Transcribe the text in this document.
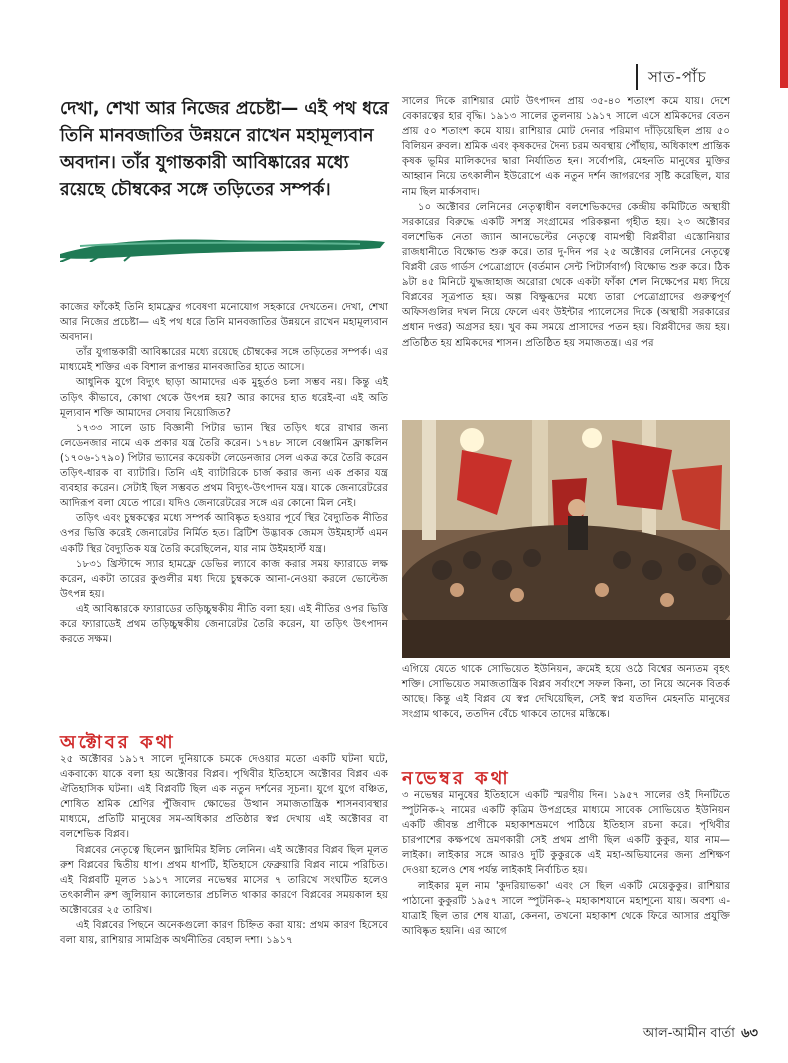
সাত-পাঁচ
দেখা, শেখা আর নিজের প্রচেষ্টা— এই পথ ধরে তিনি মানবজাতির উন্নয়নে রাখেন মহামূল্যবান অবদান। তাঁর যুগান্তকারী আবিষ্কারের মধ্যে রয়েছে চৌম্বকের সঙ্গে তড়িতের সম্পর্ক।

কাজের ফাঁকেই তিনি হামফ্রের গবেষণা মনোযোগ সহকারে দেখতেন। দেখা, শেখা আর নিজের প্রচেষ্টা— এই পথ ধরে তিনি মানবজাতির উন্নয়নে রাখেন মহামূল্যবান অবদান।

তাঁর যুগান্তকারী আবিষ্কারের মধ্যে রয়েছে চৌম্বকের সঙ্গে তড়িতের সম্পর্ক। এর মাধ্যমেই শক্তির এক বিশাল রূপান্তর মানবজাতির হাতে আসে।

আধুনিক যুগে বিদ্যুৎ ছাড়া আমাদের এক মুহূর্তও চলা সম্ভব নয়। কিন্তু এই তড়িৎ কীভাবে, কোথা থেকে উৎপন্ন হয়? আর কাদের হাত ধরেই-বা এই অতি মূল্যবান শক্তি আমাদের সেবায় নিয়োজিত?

১৭৩৩ সালে ডাচ বিজ্ঞানী পিটার ভ্যান স্থির তড়িৎ ধরে রাখার জন্য লেডেনজার নামে এক প্রকার যন্ত্র তৈরি করেন। ১৭৪৮ সালে বেঞ্জামিন ফ্রাঙ্কলিন (১৭০৬-১৭৯০) পিটার ভ্যানের কয়েকটা লেডেনজার সেল একত্র করে তৈরি করেন তড়িৎ-ধারক বা ব্যাটারি। তিনি এই ব্যাটারিকে চার্জ করার জন্য এক প্রকার যন্ত্র ব্যবহার করেন। সেটাই ছিল সম্ভবত প্রথম বিদ্যুৎ-উৎপাদন যন্ত্র। যাকে জেনারেটরের আদিরূপ বলা যেতে পারে। যদিও জেনারেটরের সঙ্গে এর কোনো মিল নেই।

তড়িৎ এবং চুম্বকত্বের মধ্যে সম্পর্ক আবিষ্কৃত হওয়ার পূর্বে স্থির বৈদ্যুতিক নীতির ওপর ভিত্তি করেই জেনারেটর নির্মিত হত। ব্রিটিশ উদ্ভাবক জেমস উইমহার্স্ট এমন একটি স্থির বৈদ্যুতিক যন্ত্র তৈরি করেছিলেন, যার নাম উইমহার্স্ট যন্ত্র।

১৮৩১ খ্রিস্টাব্দে স্যার হামফ্রে ডেভির ল্যাবে কাজ করার সময় ফ্যারাডে লক্ষ করেন, একটা তারের কুণ্ডলীর মধ্য দিয়ে চুম্বককে আনা-নেওয়া করলে ভোল্টেজ উৎপন্ন হয়।

এই আবিষ্কারকে ফ্যারাডের তড়িচ্চুম্বকীয় নীতি বলা হয়। এই নীতির ওপর ভিত্তি করে ফ্যারাডেই প্রথম তড়িচ্চুম্বকীয় জেনারেটর তৈরি করেন, যা তড়িৎ উৎপাদন করতে সক্ষম।

অক্টোবর কথা

২৫ অক্টোবর ১৯১৭ সালে দুনিয়াকে চমকে দেওয়ার মতো একটি ঘটনা ঘটে, একবাক্যে যাকে বলা হয় অক্টোবর বিপ্লব। পৃথিবীর ইতিহাসে অক্টোবর বিপ্লব এক ঐতিহাসিক ঘটনা। এই বিপ্লবটি ছিল এক নতুন দর্শনের সূচনা। যুগে যুগে বঞ্চিত, শোষিত শ্রমিক শ্রেণির পুঁজিবাদ ক্ষোভের উত্থান সমাজতান্ত্রিক শাসনব্যবস্থার মাধ্যমে, প্রতিটি মানুষের সম-অধিকার প্রতিষ্ঠার স্বপ্ন দেখায় এই অক্টোবর বা বলশেভিক বিপ্লব।

বিপ্লবের নেতৃত্বে ছিলেন ভ্লাদিমির ইলিচ লেনিন। এই অক্টোবর বিপ্লব ছিল মূলত রুশ বিপ্লবের দ্বিতীয় ধাপ। প্রথম ধাপটি, ইতিহাসে ফেব্রুয়ারি বিপ্লব নামে পরিচিত। এই বিপ্লবটি মূলত ১৯১৭ সালের নভেম্বর মাসের ৭ তারিখে সংঘটিত হলেও তৎকালীন রুশ জুলিয়ান ক্যালেন্ডার প্রচলিত থাকার কারণে বিপ্লবের সময়কাল হয় অক্টোবরের ২৫ তারিখ।

এই বিপ্লবের পিছনে অনেকগুলো কারণ চিহ্নিত করা যায়: প্রথম কারণ হিসেবে বলা যায়, রাশিয়ার সামগ্রিক অর্থনীতির বেহাল দশা। ১৯১৭

সালের দিকে রাশিয়ার মোট উৎপাদন প্রায় ৩৫-৪০ শতাংশ কমে যায়। দেশে বেকারত্বের হার বৃদ্ধি। ১৯১৩ সালের তুলনায় ১৯১৭ সালে এসে শ্রমিকদের বেতন প্রায় ৫০ শতাংশ কমে যায়। রাশিয়ার মোট দেনার পরিমাণ দাঁড়িয়েছিল প্রায় ৫০ বিলিয়ন রুবল। শ্রমিক এবং কৃষকদের দৈন্য চরম অবস্থায় পৌঁছায়, অধিকাংশ প্রান্তিক কৃষক ভূমির মালিকদের দ্বারা নির্যাতিত হন। সর্বোপরি, মেহনতি মানুষের মুক্তির আহ্বান নিয়ে তৎকালীন ইউরোপে এক নতুন দর্শন জাগরণের সৃষ্টি করেছিল, যার নাম ছিল মার্কসবাদ।

১০ অক্টোবর লেনিনের নেতৃত্বাধীন বলশেভিকদের কেন্দ্রীয় কমিটিতে অস্থায়ী সরকারের বিরুদ্ধে একটি সশস্ত্র সংগ্রামের পরিকল্পনা গৃহীত হয়। ২৩ অক্টোবর বলশেভিক নেতা জ্যান আনভেল্টের নেতৃত্বে বামপন্থী বিপ্লবীরা এস্তোনিয়ার রাজধানীতে বিক্ষোভ শুরু করে। তার দু-দিন পর ২৫ অক্টোবর লেনিনের নেতৃত্বে বিপ্লবী রেড গার্ডস পেত্রোগ্রাদে (বর্তমান সেন্ট পিটার্সবার্গ) বিক্ষোভ শুরু করে। ঠিক ৯টা ৪৫ মিনিটে যুদ্ধজাহাজ অরোরা থেকে একটা ফাঁকা শেল নিক্ষেপের মধ্য দিয়ে বিপ্লবের সূত্রপাত হয়। অল্প বিক্ষুব্ধদের মধ্যে তারা পেত্রোগ্রাদের গুরুত্বপূর্ণ অফিসগুলির দখল নিয়ে ফেলে এবং উইন্টার প্যালেসের দিকে (অস্থায়ী সরকারের প্রধান দপ্তর) অগ্রসর হয়। খুব কম সময়ে প্রাসাদের পতন হয়। বিপ্লবীদের জয় হয়। প্রতিষ্ঠিত হয় শ্রমিকদের শাসন। প্রতিষ্ঠিত হয় সমাজতন্ত্র। এর পর

এগিয়ে যেতে থাকে সোভিয়েত ইউনিয়ন, ক্রমেই হয়ে ওঠে বিশ্বের অন্যতম বৃহৎ শক্তি। সোভিয়েত সমাজতান্ত্রিক বিপ্লব সর্বাংশে সফল কিনা, তা নিয়ে অনেক বিতর্ক আছে। কিন্তু এই বিপ্লব যে স্বপ্ন দেখিয়েছিল, সেই স্বপ্ন যতদিন মেহনতি মানুষের সংগ্রাম থাকবে, ততদিন বেঁচে থাকবে তাদের মস্তিষ্কে।

নভেম্বর কথা

৩ নভেম্বর মানুষের ইতিহাসে একটি স্মরণীয় দিন। ১৯৫৭ সালের ওই দিনটিতে স্পুটনিক-২ নামের একটি কৃত্রিম উপগ্রহের মাধ্যমে সাবেক সোভিয়েত ইউনিয়ন একটি জীবন্ত প্রাণীকে মহাকাশভ্রমণে পাঠিয়ে ইতিহাস রচনা করে। পৃথিবীর চারপাশের কক্ষপথে ভ্রমণকারী সেই প্রথম প্রাণী ছিল একটি কুকুর, যার নাম— লাইকা। লাইকার সঙ্গে আরও দুটি কুকুরকে এই মহা-অভিযানের জন্য প্রশিক্ষণ দেওয়া হলেও শেষ পর্যন্ত লাইকাই নির্বাচিত হয়।

লাইকার মূল নাম 'কুদরিয়াভকা' এবং সে ছিল একটি মেয়েকুকুর। রাশিয়ার পাঠানো কুকুরটি ১৯৫৭ সালে স্পুটনিক-২ মহাকাশযানে মহাশূন্যে যায়। অবশ্য এ-যাত্রাই ছিল তার শেষ যাত্রা, কেননা, তখনো মহাকাশ থেকে ফিরে আসার প্রযুক্তি আবিষ্কৃত হয়নি। এর আগে

আল-আমীন বার্তা ৬৩
